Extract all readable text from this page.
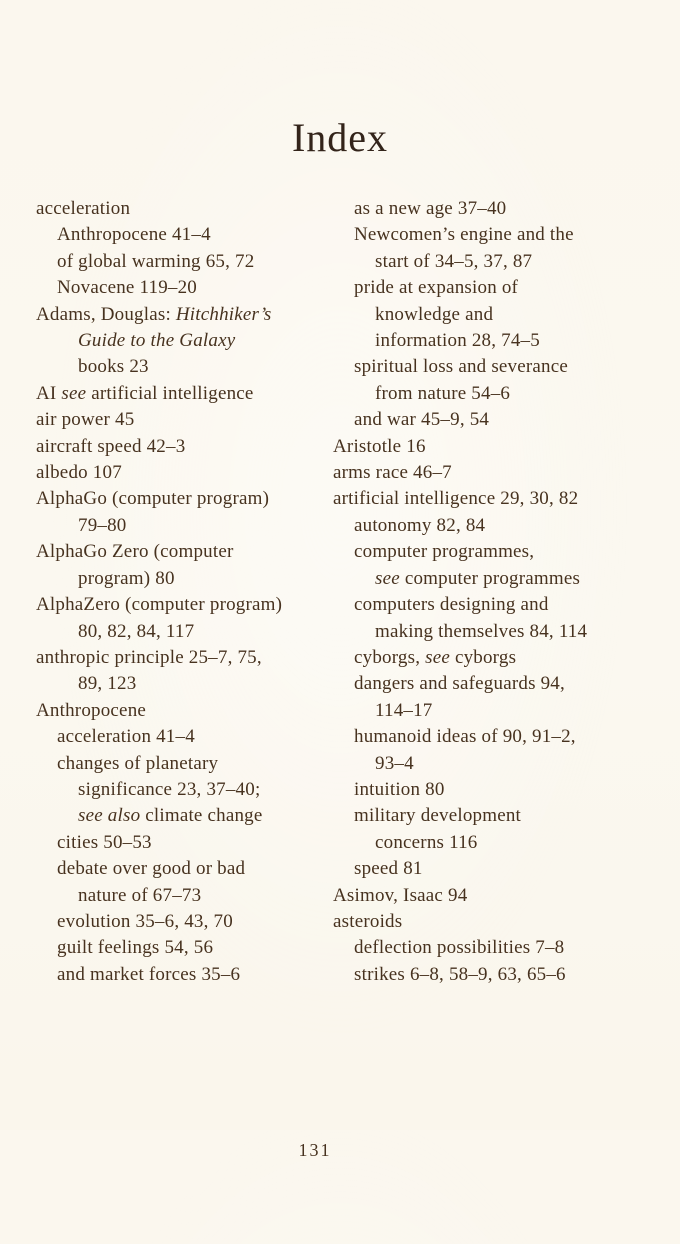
Index
acceleration
Anthropocene 41–4
of global warming 65, 72
Novacene 119–20
Adams, Douglas: Hitchhiker’s
Guide to the Galaxy
books 23
AI see artificial intelligence
air power 45
aircraft speed 42–3
albedo 107
AlphaGo (computer program)
79–80
AlphaGo Zero (computer
program) 80
AlphaZero (computer program)
80, 82, 84, 117
anthropic principle 25–7, 75,
89, 123
Anthropocene
acceleration 41–4
changes of planetary
significance 23, 37–40;
see also climate change
cities 50–53
debate over good or bad
nature of 67–73
evolution 35–6, 43, 70
guilt feelings 54, 56
and market forces 35–6
as a new age 37–40
Newcomen’s engine and the
start of 34–5, 37, 87
pride at expansion of
knowledge and
information 28, 74–5
spiritual loss and severance
from nature 54–6
and war 45–9, 54
Aristotle 16
arms race 46–7
artificial intelligence 29, 30, 82
autonomy 82, 84
computer programmes,
see computer programmes
computers designing and
making themselves 84, 114
cyborgs, see cyborgs
dangers and safeguards 94,
114–17
humanoid ideas of 90, 91–2,
93–4
intuition 80
military development
concerns 116
speed 81
Asimov, Isaac 94
asteroids
deflection possibilities 7–8
strikes 6–8, 58–9, 63, 65–6
131
